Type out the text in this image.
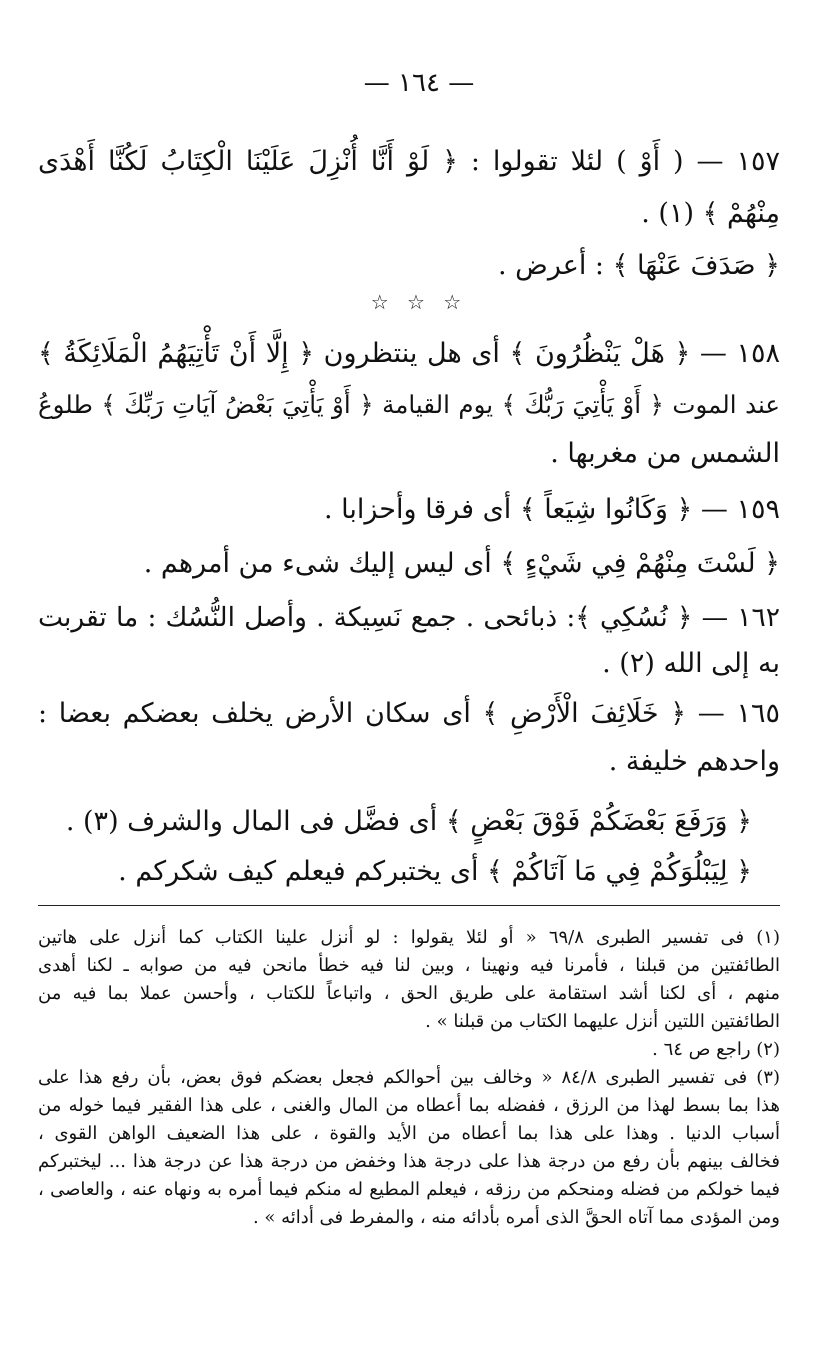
— ١٦٤ —
١٥٧ — ( أَوْ ) لئلا تقولوا : ﴿ لَوْ أَنَّا أُنْزِلَ عَلَيْنَا الْكِتَابُ لَكُنَّا أَهْدَى
مِنْهُمْ ﴾ (١) .
﴿ صَدَفَ عَنْهَا ﴾ : أعرض .
١٥٨ — ﴿ هَلْ يَنْظُرُونَ ﴾ أى هل ينتظرون ﴿ إِلَّا أَنْ تَأْتِيَهُمُ الْمَلَائِكَةُ ﴾
عند الموت ﴿ أَوْ يَأْتِيَ رَبُّكَ ﴾ يوم القيامة ﴿ أَوْ يَأْتِيَ بَعْضُ آيَاتِ رَبِّكَ ﴾ طلوعُ
الشمس من مغربها .
١٥٩ — ﴿ وَكَانُوا شِيَعاً ﴾ أى فرقا وأحزابا .
﴿ لَسْتَ مِنْهُمْ فِي شَيْءٍ ﴾ أى ليس إليك شىء من أمرهم .
١٦٢ — ﴿ نُسُكِي ﴾: ذبائحى . جمع نَسِيكة . وأصل النُّسُك : ما تقربت
به إلى الله (٢) .
١٦٥ — ﴿ خَلَائِفَ الْأَرْضِ ﴾ أى سكان الأرض يخلف بعضكم بعضا :
واحدهم خليفة .
﴿ وَرَفَعَ بَعْضَكُمْ فَوْقَ بَعْضٍ ﴾ أى فضَّل فى المال والشرف (٣) .
﴿ لِيَبْلُوَكُمْ فِي مَا آتَاكُمْ ﴾ أى يختبركم فيعلم كيف شكركم .
☆ ☆ ☆
(١) فى تفسير الطبرى ٦٩/٨ « أو لئلا يقولوا : لو أنزل علينا الكتاب كما أنزل على هاتين
الطائفتين من قبلنا ، فأمرنا فيه ونهينا ، وبين لنا فيه خطأ مانحن فيه من صوابه ـ لكنا أهدى
منهم ، أى لكنا أشد استقامة على طريق الحق ، واتباعاً للكتاب ، وأحسن عملا بما فيه من
الطائفتين اللتين أنزل عليهما الكتاب من قبلنا » .
(٢) راجع ص ٦٤ .
(٣) فى تفسير الطبرى ٨٤/٨ « وخالف بين أحوالكم فجعل بعضكم فوق بعض، بأن رفع هذا على
هذا بما بسط لهذا من الرزق ، ففضله بما أعطاه من المال والغنى ، على هذا الفقير فيما خوله من
أسباب الدنيا . وهذا على هذا بما أعطاه من الأيد والقوة ، على هذا الضعيف الواهن القوى ،
فخالف بينهم بأن رفع من درجة هذا على درجة هذا وخفض من درجة هذا عن درجة هذا ... ليختبركم
فيما خولكم من فضله ومنحكم من رزقه ، فيعلم المطيع له منكم فيما أمره به ونهاه عنه ، والعاصى ،
ومن المؤدى مما آتاه الحقَّ الذى أمره بأدائه منه ، والمفرط فى أدائه » .
